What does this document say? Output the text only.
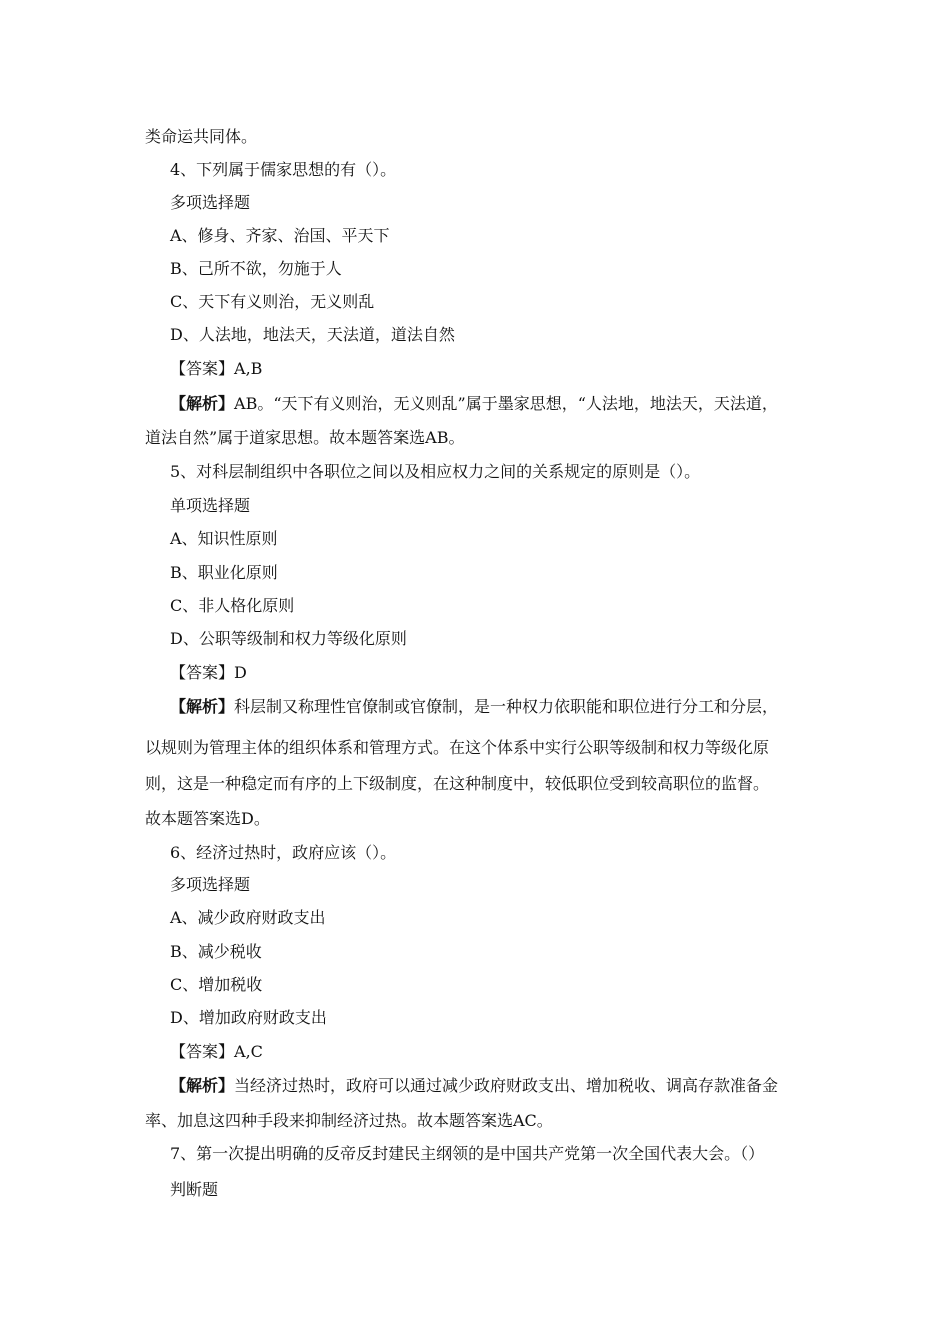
类命运共同体。
4、下列属于儒家思想的有（）。
多项选择题
A、修身、齐家、治国、平天下
B、己所不欲，勿施于人
C、天下有义则治，无义则乱
D、人法地，地法天，天法道，道法自然
【答案】A,B
【解析】AB。“天下有义则治，无义则乱”属于墨家思想，“人法地，地法天，天法道，
道法自然”属于道家思想。故本题答案选AB。
5、对科层制组织中各职位之间以及相应权力之间的关系规定的原则是（）。
单项选择题
A、知识性原则
B、职业化原则
C、非人格化原则
D、公职等级制和权力等级化原则
【答案】D
【解析】科层制又称理性官僚制或官僚制，是一种权力依职能和职位进行分工和分层，
以规则为管理主体的组织体系和管理方式。在这个体系中实行公职等级制和权力等级化原
则，这是一种稳定而有序的上下级制度，在这种制度中，较低职位受到较高职位的监督。
故本题答案选D。
6、经济过热时，政府应该（）。
多项选择题
A、减少政府财政支出
B、减少税收
C、增加税收
D、增加政府财政支出
【答案】A,C
【解析】当经济过热时，政府可以通过减少政府财政支出、增加税收、调高存款准备金
率、加息这四种手段来抑制经济过热。故本题答案选AC。
7、第一次提出明确的反帝反封建民主纲领的是中国共产党第一次全国代表大会。（）
判断题
